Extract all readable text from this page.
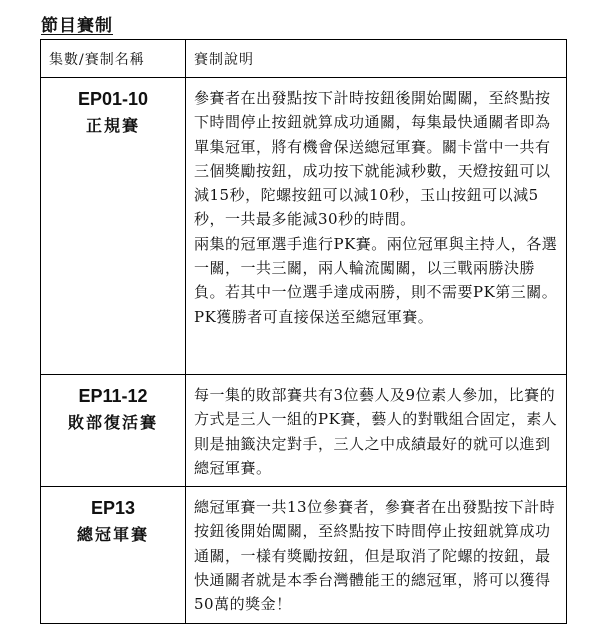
節目賽制
集數/賽制名稱	賽制說明

EP01-10
正規賽	參賽者在出發點按下計時按鈕後開始闖關，至終點按下時間停止按鈕就算成功通關，每集最快通關者即為單集冠軍，將有機會保送總冠軍賽。關卡當中一共有三個獎勵按鈕，成功按下就能減秒數，天燈按鈕可以減15秒，陀螺按鈕可以減10秒，玉山按鈕可以減5秒，一共最多能減30秒的時間。
兩集的冠軍選手進行PK賽。兩位冠軍與主持人，各選一關，一共三關，兩人輪流闖關，以三戰兩勝決勝負。若其中一位選手達成兩勝，則不需要PK第三關。PK獲勝者可直接保送至總冠軍賽。

EP11-12
敗部復活賽	每一集的敗部賽共有3位藝人及9位素人參加，比賽的方式是三人一組的PK賽，藝人的對戰組合固定，素人則是抽籤決定對手，三人之中成績最好的就可以進到總冠軍賽。

EP13
總冠軍賽	總冠軍賽一共13位參賽者，參賽者在出發點按下計時按鈕後開始闖關，至終點按下時間停止按鈕就算成功通關，一樣有獎勵按鈕，但是取消了陀螺的按鈕，最快通關者就是本季台灣體能王的總冠軍，將可以獲得50萬的獎金！
